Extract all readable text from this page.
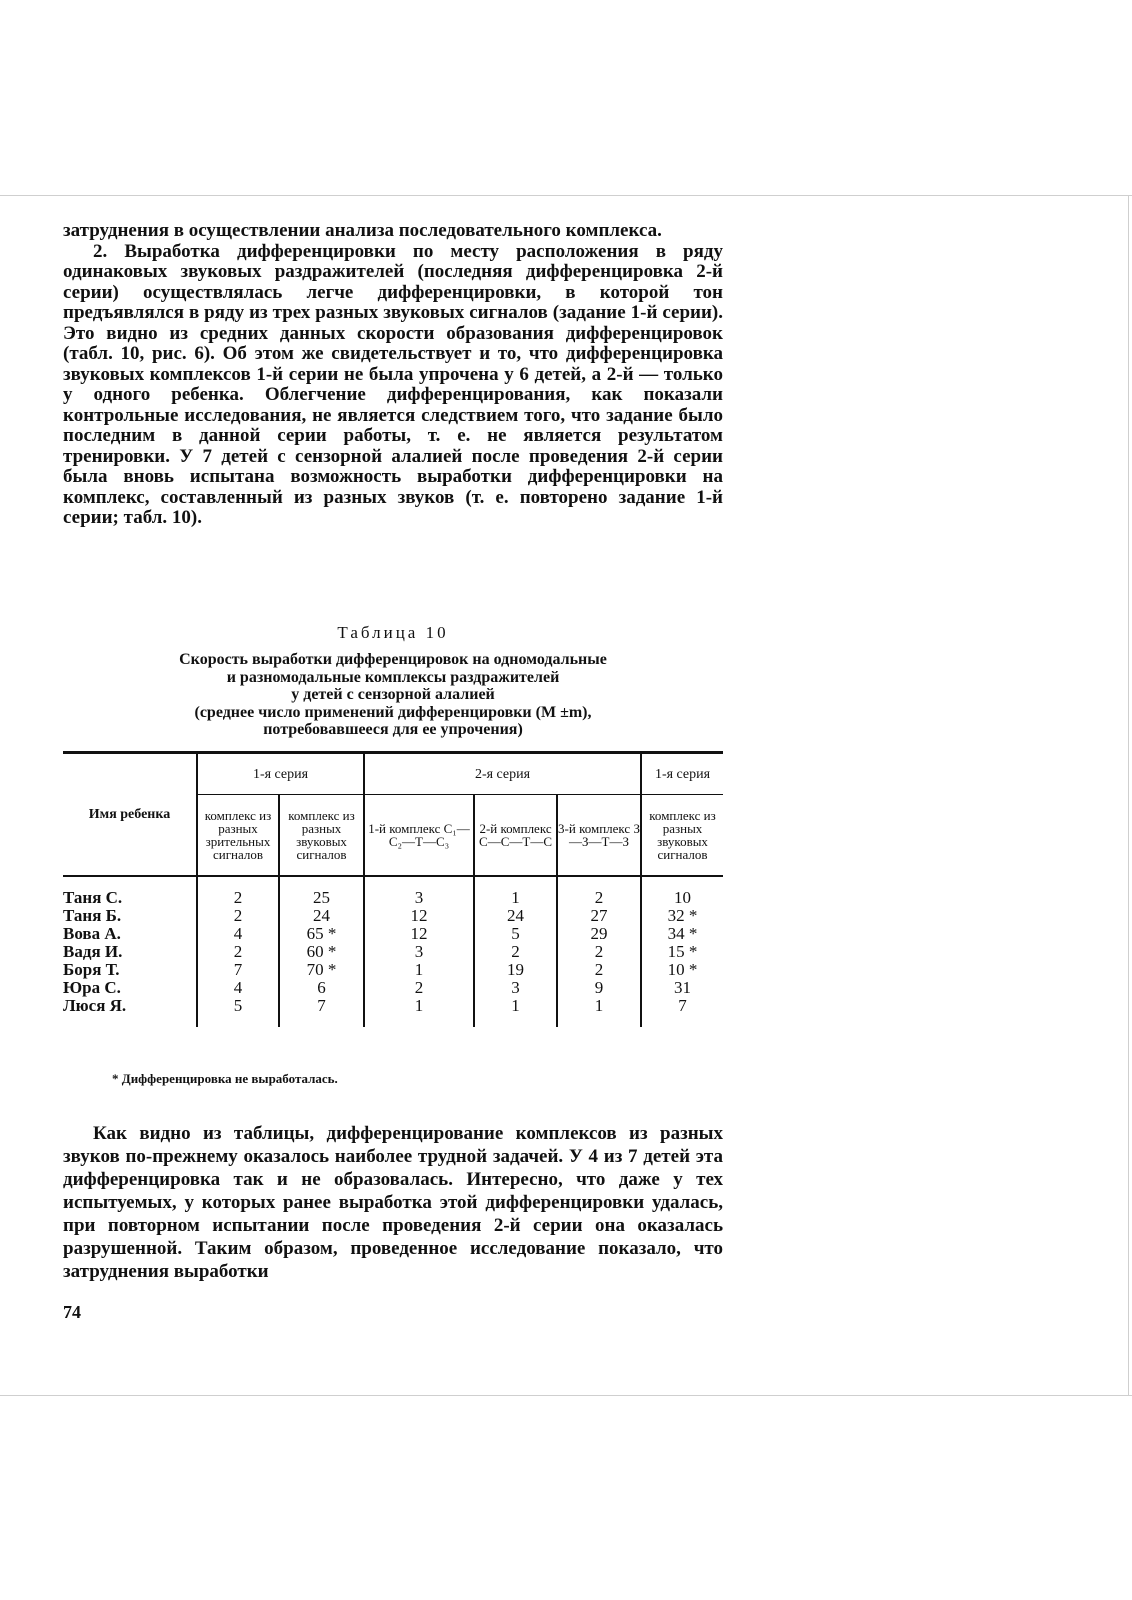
затруднения в осуществлении анализа последовательного комплекса.

2. Выработка дифференцировки по месту расположения в ряду одинаковых звуковых раздражителей (последняя дифференцировка 2-й серии) осуществлялась легче дифференцировки, в которой тон предъявлялся в ряду из трех разных звуковых сигналов (задание 1-й серии). Это видно из средних данных скорости образования дифференцировок (табл. 10, рис. 6). Об этом же свидетельствует и то, что дифференцировка звуковых комплексов 1-й серии не была упрочена у 6 детей, а 2-й — только у одного ребенка. Облегчение дифференцирования, как показали контрольные исследования, не является следствием того, что задание было последним в данной серии работы, т. е. не является результатом тренировки. У 7 детей с сензорной алалией после проведения 2-й серии была вновь испытана возможность выработки дифференцировки на комплекс, составленный из разных звуков (т. е. повторено задание 1-й серии; табл. 10).

Таблица 10
Скорость выработки дифференцировок на одномодальные
и разномодальные комплексы раздражителей
у детей с сензорной алалией
(среднее число применений дифференцировки (M ±m),
потребовавшееся для ее упрочения)
Имя ребенка	1-я серия		2-я серия			1-я серия
	комплекс из разных зрительных сигналов	комплекс из разных звуковых сигналов	1-й комплекс С₁—С₂—Т—С₃	2-й комплекс С—С—Т—С	3-й комплекс З—З—Т—З	комплекс из разных звуковых сигналов
Таня С.	2	25	3	1	2	10
Таня Б.	2	24	12	24	27	32 *
Вова А.	4	65 *	12	5	29	34 *
Вадя И.	2	60 *	3	2	2	15 *
Боря Т.	7	70 *	1	19	2	10 *
Юра С.	4	6	2	3	9	31
Люся Я.	5	7	1	1	1	7
* Дифференцировка не выработалась.
Как видно из таблицы, дифференцирование комплексов из разных звуков по-прежнему оказалось наиболее трудной задачей. У 4 из 7 детей эта дифференцировка так и не образовалась. Интересно, что даже у тех испытуемых, у которых ранее выработка этой дифференцировки удалась, при повторном испытании после проведения 2-й серии она оказалась разрушенной. Таким образом, проведенное исследование показало, что затруднения выработки
74
